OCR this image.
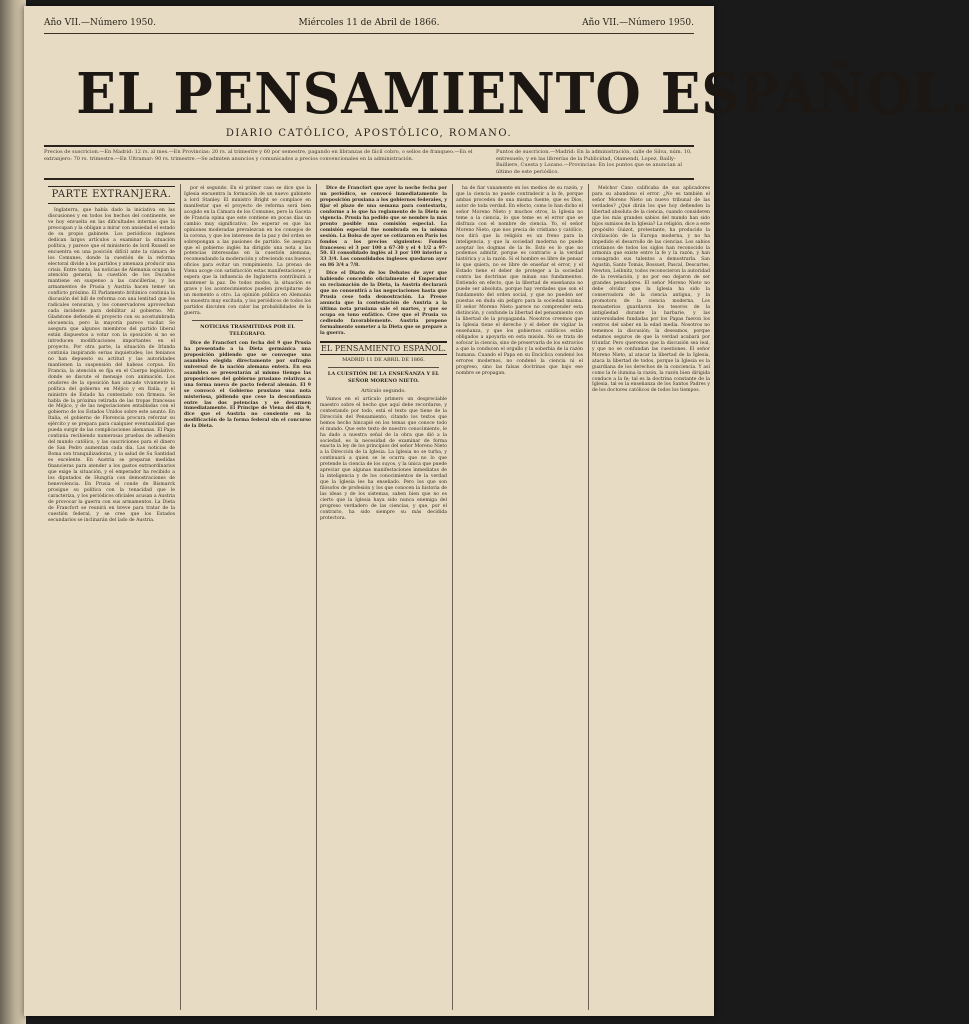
Año VII.—Número 1950.	Miércoles 11 de Abril de 1866.	Año VII.—Número 1950.
EL PENSAMIENTO ESPAÑOL.
DIARIO CATÓLICO, APOSTÓLICO, ROMANO.
Precios de suscricion.—En Madrid: 12 rs. al mes.—En Provincias: 20 rs. al trimestre y 60 por semestre, pagando en libranzas de fácil cobro, o sellos de franqueo.—En el extranjero: 70 rs. trimestre.—En Ultramar: 90 rs. trimestre.—Se admiten anuncios y comunicados a precios convencionales en la administración.
Puntos de suscricion.—Madrid: En la administración, calle de Silva, núm. 10, entresuelo, y en las librerías de la Publicidad, Olamendi, Lopez, Bailly-Bailliere, Cuesta y Lozano.—Provincias: En los puntos que se anuncian al último de este periódico.
PARTE EXTRANJERA.

Inglaterra, que había dado la iniciativa en las discusiones y en todos los hechos del continente, se ve hoy envuelta en las dificultades internas que la preocupan y la obligan a mirar con ansiedad el estado de su propio gabinete. Los periódicos ingleses dedican largos artículos a examinar la situación política, y parece que el ministerio de lord Russell se encuentra en una posición difícil ante la cámara de los Comunes, donde la cuestión de la reforma electoral divide a los partidos y amenaza producir una crisis. Entre tanto, las noticias de Alemania ocupan la atención general; la cuestión de los Ducados mantiene en suspenso a las cancillerías, y los armamentos de Prusia y Austria hacen temer un conflicto próximo. El Parlamento británico continúa la discusión del bill de reforma con una lentitud que los radicales censuran, y los conservadores aprovechan cada incidente para debilitar al gobierno. Mr. Gladstone defiende el proyecto con su acostumbrada elocuencia, pero la mayoría parece vacilar. Se asegura que algunos miembros del partido liberal están dispuestos a votar con la oposición si no se introducen modificaciones importantes en el proyecto. Por otra parte, la situación de Irlanda continúa inspirando serias inquietudes; los fenianos no han depuesto su actitud y las autoridades mantienen la suspensión del habeas corpus. En Francia, la atención se fija en el Cuerpo legislativo, donde se discute el mensaje con animación. Los oradores de la oposición han atacado vivamente la política del gobierno en Méjico y en Italia, y el ministro de Estado ha contestado con firmeza. Se habla de la próxima retirada de las tropas francesas de Méjico, y de las negociaciones entabladas con el gobierno de los Estados Unidos sobre este asunto. En Italia, el gobierno de Florencia procura reforzar su ejército y se prepara para cualquier eventualidad que pueda surgir de las complicaciones alemanas. El Papa continúa recibiendo numerosas pruebas de adhesión del mundo católico, y las suscriciones para el dinero de San Pedro aumentan cada día. Las noticias de Roma son tranquilizadoras, y la salud de Su Santidad es excelente. En Austria se preparan medidas financieras para atender a los gastos extraordinarios que exige la situación, y el emperador ha recibido a los diputados de Hungría con demostraciones de benevolencia. En Prusia el conde de Bismarck prosigue su política con la tenacidad que le caracteriza, y los periódicos oficiales acusan a Austria de provocar la guerra con sus armamentos. La Dieta de Francfort se reunirá en breve para tratar de la cuestión federal, y se cree que los Estados secundarios se inclinarán del lado de Austria.

por el segundo. En el primer caso se dice que la Iglesia encuentra la formación de un nuevo gabinete a lord Stanley. El ministro Bright se complace en manifestar que el proyecto de reforma será bien acogido en la Cámara de los Comunes, pero la Gaceta de Francia opina que este contiene en pocas días un cambio muy significativo. De esperar es que las opiniones moderadas prevalezcan en los consejos de la corona, y que los intereses de la paz y del orden se sobrepongan a las pasiones de partido. Se asegura que el gobierno inglés ha dirigido una nota a las potencias interesadas en la cuestión alemana, recomendando la moderación y ofreciendo sus buenos oficios para evitar un rompimiento. La prensa de Viena acoge con satisfacción estas manifestaciones, y espera que la influencia de Inglaterra contribuirá a mantener la paz. De todos modos, la situación es grave y los acontecimientos pueden precipitarse de un momento a otro. La opinión pública en Alemania se muestra muy excitada, y los periódicos de todos los partidos discuten con calor las probabilidades de la guerra.

NOTICIAS TRASMITIDAS POR EL TELÉGRAFO.

Dice de Francfort con fecha del 9 que Prusia ha presentado a la Dieta germánica una proposición pidiendo que se convoque una asamblea elegida directamente por sufragio universal de la nación alemana entera. En esa asamblea se presentarán al mismo tiempo las proposiciones del gobierno prusiano relativas a una forma nueva de pacto federal alemán. El 9 se convocó el Gobierno prusiano una nota misteriosa, pidiendo que cese la desconfianza entre las dos potencias y se desarmen inmediatamente. El Príncipe de Viena del día 9, dice que el Austria no consiente en la modificación de la forma federal sin el concurso de la Dieta.

Dice de Francfort que ayer la noche fecha por un periódico, se convocó inmediatamente la proposición prusiana a los gobiernos federales, y fijar el plazo de una semana para contestarla, conforme a lo que ha reglamento de la Dieta en vigencia. Prusia ha pedido que se nombre la más pronto posible una comisión especial. La comisión especial fue nombrada en la misma sesión. La Bolsa de ayer se cotizaron en París los fondos a los precios siguientes: Fondos franceses: el 3 por 100 a 67-30 y el 4 1/2 a 97-50. El consolidado inglés al 3 por 100 interior a 33 3/4. Los consolidados ingleses quedaron ayer en 86 3/4 a 7/8.

Dice el Diario de los Debates de ayer que habiendo concedido oficialmente el Emperador su reclamación de la Dieta, la Austria declarará que no consentirá a las negociaciones hasta que Prusia cese toda demostración. La Presse anuncia que la contestación de Austria a la última nota prusiana sale el martes, y que se ocupa en tono enfático. Cree que el Prusia va cediendo favorablemente. Austria propone formalmente someter a la Dieta que se prepare a la guerra.

EL PENSAMIENTO ESPAÑOL.
MADRID 11 DE ABRIL DE 1866.
LA CUESTIÓN DE LA ENSEÑANZA Y EL SEÑOR MORENO NIETO.
Artículo segundo.

Vamos en el artículo primero un despreciable maestro sobre el hecho que aquí debe recordarse, y contestando por todo, está el texto que tiene de la Dirección del Pensamiento, citando los textos que hemos hecho hincapié en los temas que conoce todo el mundo. Que este texto de nuestro conocimiento, le ha dado a nuestra señal de la obra que dió a la sociedad, es la necesidad de examinar de forma exacta la ley de los principios del señor Moreno Nieto a la Dirección de la Iglesia. La Iglesia no se turba, y continuará a quien se le ocurra que no lo que pretende la ciencia de los suyos, y la única que puede apreciar que algunas manifestaciones inmediatas de la inteligencia y de los conocimientos de la verdad que la Iglesia les ha enseñado. Pero los que son filósofos de profesión y los que conocen la historia de las ideas y de los sistemas, saben bien que no es cierto que la Iglesia haya sido nunca enemiga del progreso verdadero de las ciencias, y que, por el contrario, ha sido siempre su más decidida protectora.

ha de fiar vanamente en los medios de su razón, y que la ciencia no puede contradecir a la fe, porque ambas proceden de una misma fuente, que es Dios, autor de toda verdad. En efecto, como lo han dicho el señor Moreno Nieto y muchos otros, la Iglesia no teme a la ciencia, lo que teme es el error que se disfraza con el nombre de ciencia. Yo, el señor Moreno Nieto, que nos precia de cristiano y católico, nos dirá que la religión es un freno para la inteligencia, y que la sociedad moderna no puede aceptar los dogmas de la fe. Esto es lo que no podemos admitir, porque es contrario a la verdad histórica y a la razón. Si el hombre es libre de pensar lo que quiera, no es libre de enseñar el error, y el Estado tiene el deber de proteger a la sociedad contra las doctrinas que minan sus fundamentos. Entiendo en efecto, que la libertad de enseñanza no puede ser absoluta, porque hay verdades que son el fundamento del orden social, y que no pueden ser puestas en duda sin peligro para la sociedad misma. El señor Moreno Nieto parece no comprender esta distinción, y confunde la libertad del pensamiento con la libertad de la propaganda. Nosotros creemos que la Iglesia tiene el derecho y el deber de vigilar la enseñanza, y que los gobiernos católicos están obligados a apoyarla en esta misión. No se trata de sofocar la ciencia, sino de preservarla de los extravíos a que la conducen el orgullo y la soberbia de la razón humana. Cuando el Papa en su Encíclica condenó los errores modernos, no condenó la ciencia ni el progreso, sino las falsas doctrinas que bajo ese nombre se propagan.

Melchor Cano calificaba de sus aplicadores para su abandono el error. ¿No es también el señor Moreno Nieto un nuevo tribunal de las verdades? ¿Qué dirán los que hoy defienden la libertad absoluta de la ciencia, cuando consideren que los más grandes sabios del mundo han sido hijos sumisos de la Iglesia? La religión, dice a este propósito Guizot, protestante, ha producido la civilización de la Europa moderna, y no ha impedido el desarrollo de las ciencias. Los sabios cristianos de todos los siglos han reconocido la armonía que existe entre la fe y la razón, y han consagrado sus talentos a demostrarla. San Agustín, Santo Tomás, Bossuet, Pascal, Descartes, Newton, Leibnitz, todos reconocieron la autoridad de la revelación, y no por eso dejaron de ser grandes pensadores. El señor Moreno Nieto no debe olvidar que la Iglesia ha sido la conservadora de la ciencia antigua, y la promotora de la ciencia moderna. Los monasterios guardaron los tesoros de la antigüedad durante la barbarie, y las universidades fundadas por los Papas fueron los centros del saber en la edad media. Nosotros no tememos la discusión; la deseamos, porque estamos seguros de que la verdad acabará por triunfar. Pero queremos que la discusión sea leal, y que no se confundan las cuestiones. El señor Moreno Nieto, al atacar la libertad de la Iglesia, ataca la libertad de todos, porque la Iglesia es la guardiana de los derechos de la conciencia. Y así como la fe ilumina la razón, la razón bien dirigida conduce a la fe; tal es la doctrina constante de la Iglesia, tal es la enseñanza de los Santos Padres y de los doctores católicos de todos los tiempos.
